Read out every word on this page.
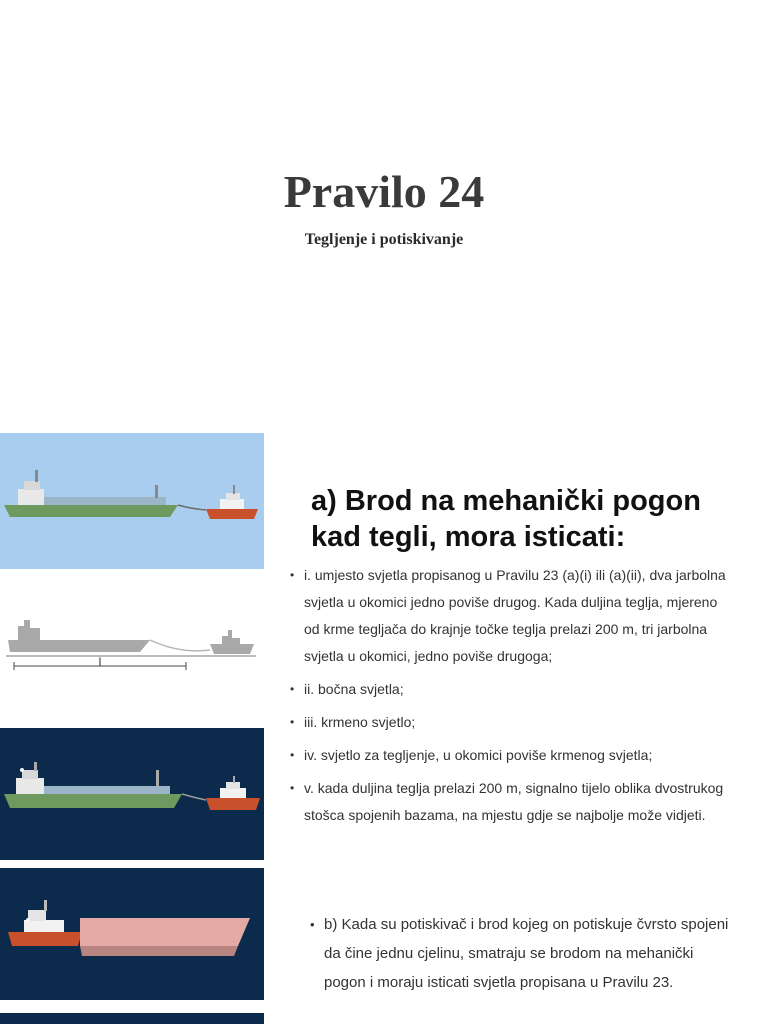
Pravilo 24

Tegljenje i potiskivanje

l
a) Brod na mehanički pogon kad tegli, mora isticati:
• i. umjesto svjetla propisanog u Pravilu 23 (a)(i) ili (a)(ii), dva jarbolna svjetla u okomici jedno poviše drugog. Kada duljina teglja, mjereno od krme tegljača do krajnje točke teglja prelazi 200 m, tri jarbolna svjetla u okomici, jedno poviše drugoga;
• ii. bočna svjetla;
• iii. krmeno svjetlo;
• iv. svjetlo za tegljenje, u okomici poviše krmenog svjetla;
• v. kada duljina teglja prelazi 200 m, signalno tijelo oblika dvostrukog stošca spojenih bazama, na mjestu gdje se najbolje može vidjeti.
• b) Kada su potiskivač i brod kojeg on potiskuje čvrsto spojeni da čine jednu cjelinu, smatraju se brodom na mehanički pogon i moraju isticati svjetla propisana u Pravilu 23.
